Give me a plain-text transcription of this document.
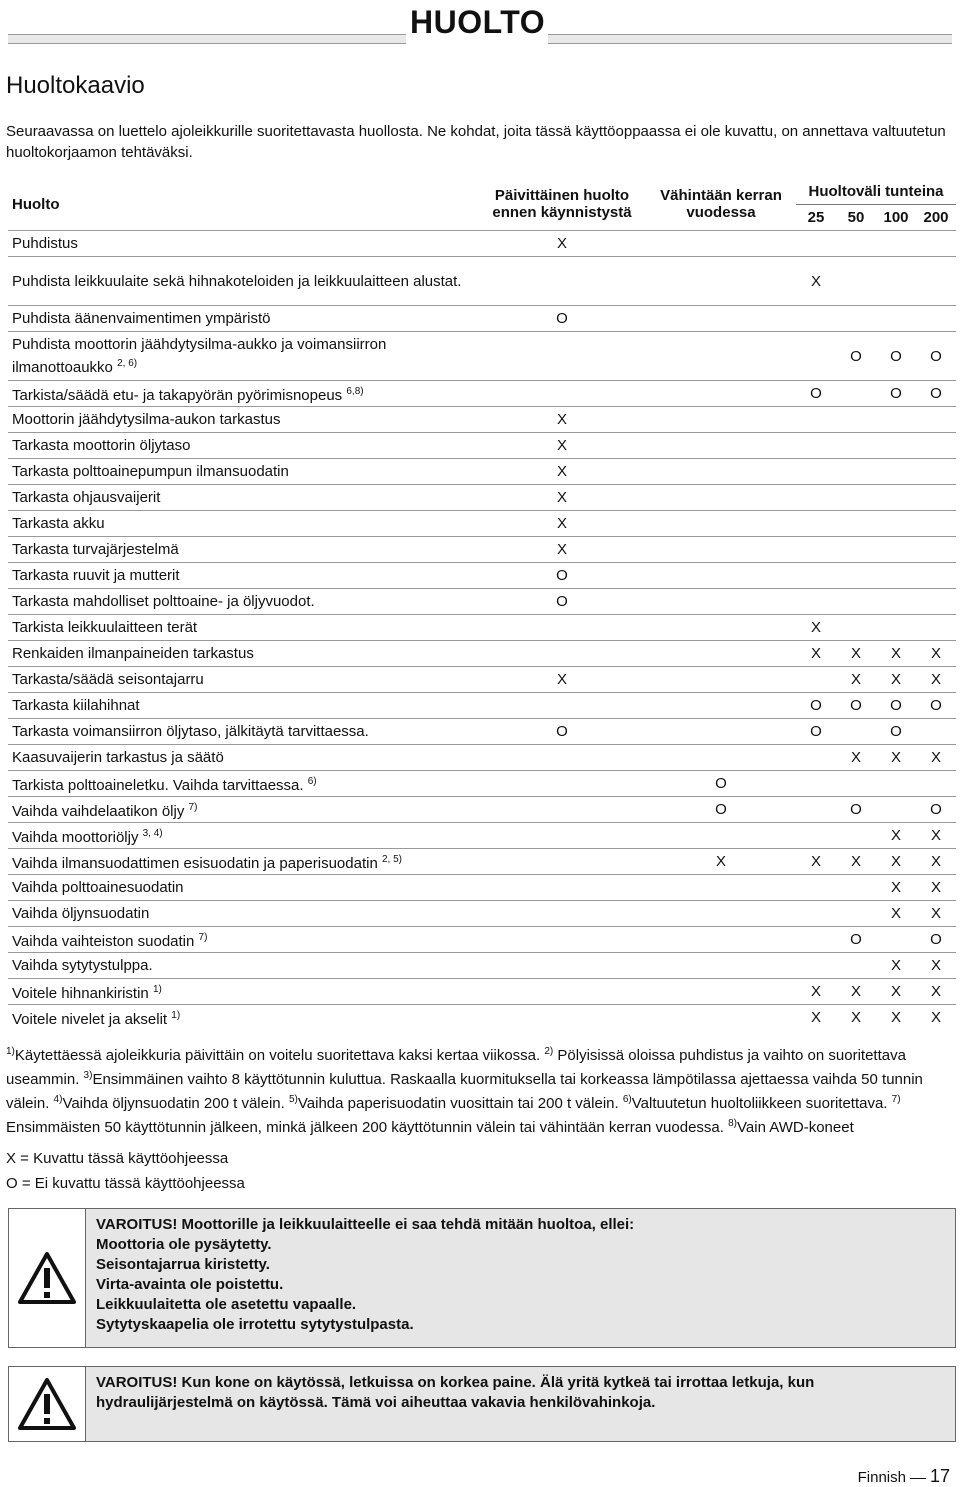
HUOLTO
Huoltokaavio
Seuraavassa on luettelo ajoleikkurille suoritettavasta huollosta. Ne kohdat, joita tässä käyttöoppaassa ei ole kuvattu, on annettava valtuutetun huoltokorjaamon tehtäväksi.
Huolto	Päivittäinen huolto ennen käynnistystä	Vähintään kerran vuodessa	Huoltoväli tunteina			
			25	50	100	200
Puhdistus	X					
Puhdista leikkuulaite sekä hihnakoteloiden ja leikkuulaitteen alustat.			X			
Puhdista äänenvaimentimen ympäristö	O					
Puhdista moottorin jäähdytysilma-aukko ja voimansiirron ilmanottoaukko $^{2, 6)}$				O	O	O
Tarkista/säädä etu- ja takapyörän pyörimisnopeus $^{6,8)}$			O		O	O
Moottorin jäähdytysilma-aukon tarkastus	X					
Tarkasta moottorin öljytaso	X					
Tarkasta polttoainepumpun ilmansuodatin	X					
Tarkasta ohjausvaijerit	X					
Tarkasta akku	X					
Tarkasta turvajärjestelmä	X					
Tarkasta ruuvit ja mutterit	O					
Tarkasta mahdolliset polttoaine- ja öljyvuodot.	O					
Tarkista leikkuulaitteen terät			X			
Renkaiden ilmanpaineiden tarkastus			X	X	X	X
Tarkasta/säädä seisontajarru	X			X	X	X
Tarkasta kiilahihnat			O	O	O	O
Tarkasta voimansiirron öljytaso, jälkitäytä tarvittaessa.	O		O		O	
Kaasuvaijerin tarkastus ja säätö				X	X	X
Tarkista polttoaineletku. Vaihda tarvittaessa. $^{6)}$		O				
Vaihda vaihdelaatikon öljy $^{7)}$		O		O		O
Vaihda moottoriöljy $^{3, 4)}$					X	X
Vaihda ilmansuodattimen esisuodatin ja paperisuodatin $^{2, 5)}$		X	X	X	X	X
Vaihda polttoainesuodatin					X	X
Vaihda öljynsuodatin					X	X
Vaihda vaihteiston suodatin $^{7)}$				O		O
Vaihda sytytystulppa.					X	X
Voitele hihnankiristin $^{1)}$			X	X	X	X
Voitele nivelet ja akselit $^{1)}$			X	X	X	X
$^{1)}$Käytettäessä ajoleikkuria päivittäin on voitelu suoritettava kaksi kertaa viikossa. $^{2)}$ Pölyisissä oloissa puhdistus ja vaihto on suoritettava useammin. $^{3)}$Ensimmäinen vaihto 8 käyttötunnin kuluttua. Raskaalla kuormituksella tai korkeassa lämpötilassa ajettaessa vaihda 50 tunnin välein. $^{4)}$Vaihda öljynsuodatin 200 t välein. $^{5)}$Vaihda paperisuodatin vuosittain tai 200 t välein. $^{6)}$Valtuutetun huoltoliikkeen suoritettava. $^{7)}$ Ensimmäisten 50 käyttötunnin jälkeen, minkä jälkeen 200 käyttötunnin välein tai vähintään kerran vuodessa. $^{8)}$Vain AWD-koneet
X = Kuvattu tässä käyttöohjeessa
O = Ei kuvattu tässä käyttöohjeessa
VAROITUS! Moottorille ja leikkuulaitteelle ei saa tehdä mitään huoltoa, ellei:
Moottoria ole pysäytetty.
Seisontajarrua kiristetty.
Virta-avainta ole poistettu.
Leikkuulaitetta ole asetettu vapaalle.
Sytytyskaapelia ole irrotettu sytytystulpasta.
VAROITUS! Kun kone on käytössä, letkuissa on korkea paine. Älä yritä kytkeä tai irrottaa letkuja, kun hydraulijärjestelmä on käytössä. Tämä voi aiheuttaa vakavia henkilövahinkoja.
Finnish 17
